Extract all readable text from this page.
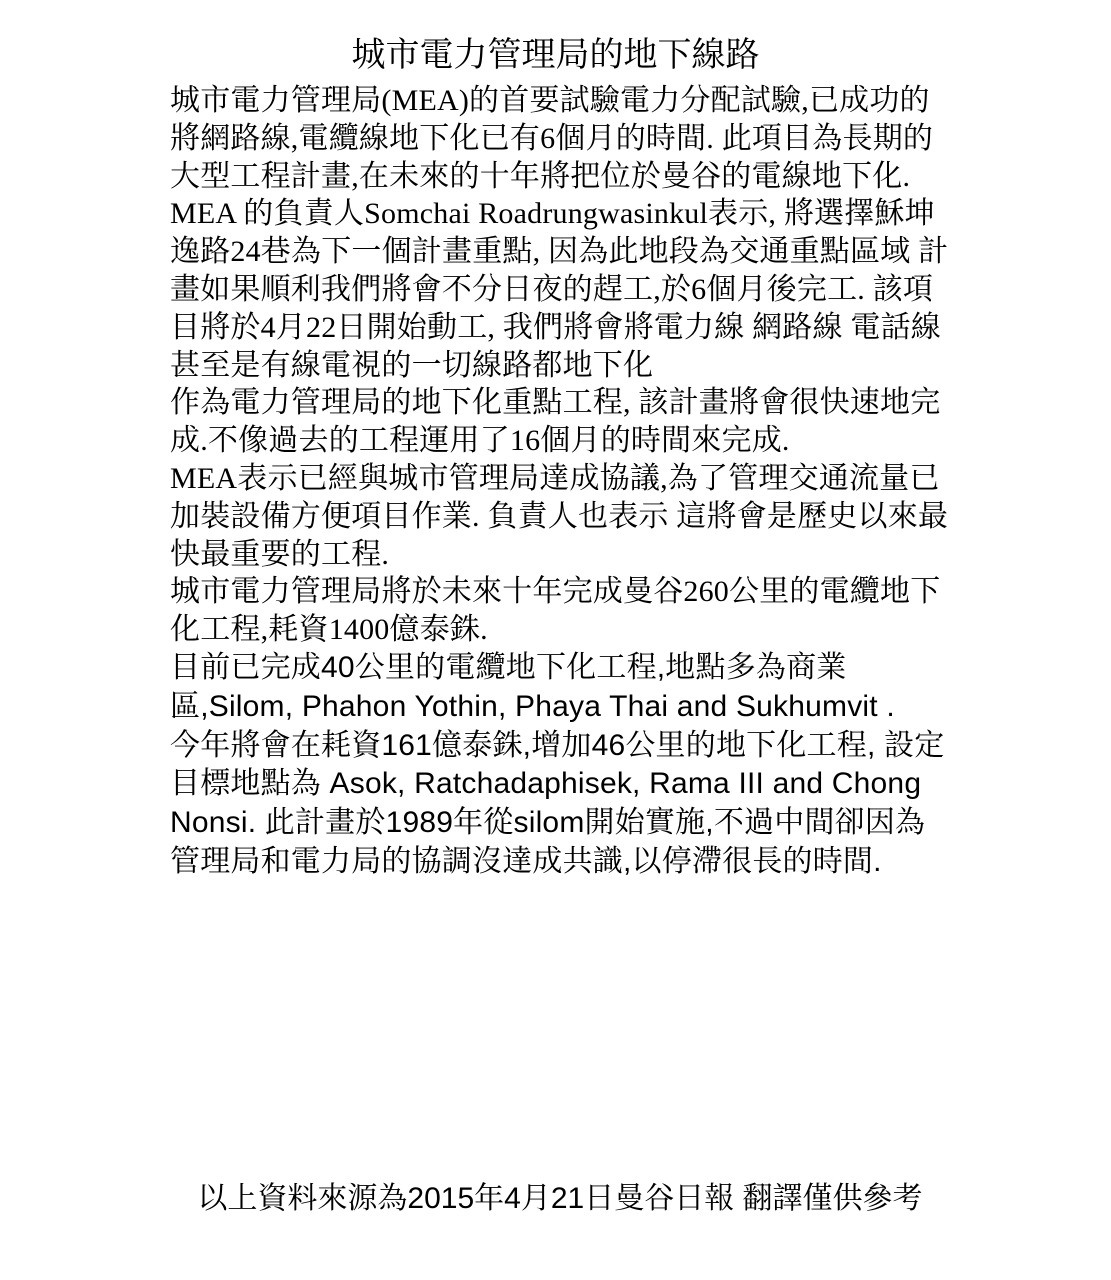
城市電力管理局的地下線路

城市電力管理局(MEA)的首要試驗電力分配試驗,已成功的將網路線,電纜線地下化已有6個月的時間. 此項目為長期的大型工程計畫,在未來的十年將把位於曼谷的電線地下化.

MEA 的負責人Somchai Roadrungwasinkul表示, 將選擇穌坤逸路24巷為下一個計畫重點, 因為此地段為交通重點區域 計畫如果順利我們將會不分日夜的趕工,於6個月後完工. 該項目將於4月22日開始動工, 我們將會將電力線 網路線 電話線 甚至是有線電視的一切線路都地下化

作為電力管理局的地下化重點工程, 該計畫將會很快速地完成.不像過去的工程運用了16個月的時間來完成.

MEA表示已經與城市管理局達成協議,為了管理交通流量已加裝設備方便項目作業. 負責人也表示 這將會是歷史以來最快最重要的工程.

城市電力管理局將於未來十年完成曼谷260公里的電纜地下化工程,耗資1400億泰銖.

目前已完成40公里的電纜地下化工程,地點多為商業區,Silom, Phahon Yothin, Phaya Thai and Sukhumvit .

今年將會在耗資161億泰銖,增加46公里的地下化工程, 設定目標地點為 Asok, Ratchadaphisek, Rama III and Chong Nonsi. 此計畫於1989年從silom開始實施,不過中間卻因為管理局和電力局的協調沒達成共識,以停滯很長的時間.

以上資料來源為2015年4月21日曼谷日報 翻譯僅供參考
